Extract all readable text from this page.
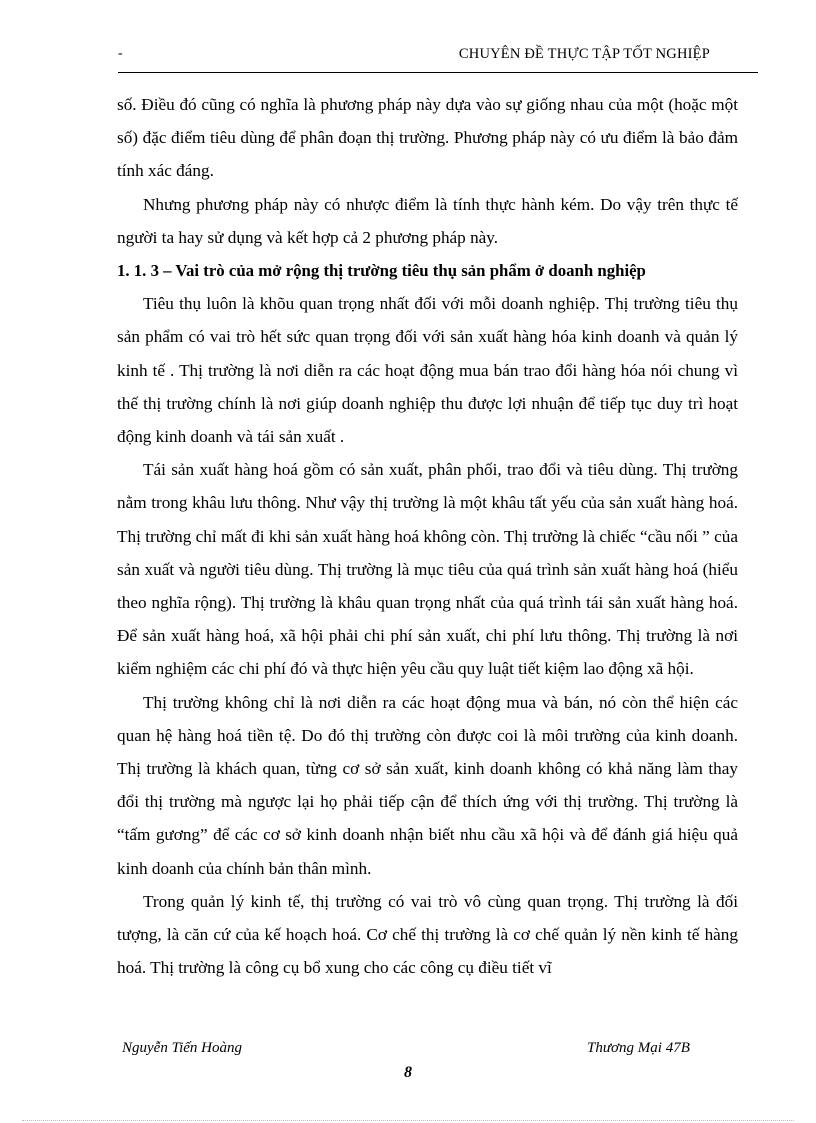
-	CHUYÊN ĐỀ THỰC TẬP TỐT NGHIỆP

số. Điều đó cũng có nghĩa là phương pháp này dựa vào sự giống nhau của một (hoặc một số) đặc điểm tiêu dùng để phân đoạn thị trường. Phương pháp này có ưu điểm là bảo đảm tính xác đáng.

Nhưng phương pháp này có nhược điểm là tính thực hành kém. Do vậy trên thực tế người ta hay sử dụng và kết hợp cả 2 phương pháp này.

1. 1. 3 – Vai trò của mở rộng thị trường tiêu thụ sản phẩm ở doanh nghiệp

Tiêu thụ luôn là khõu quan trọng nhất đối với mỗi doanh nghiệp. Thị trường tiêu thụ sản phẩm có vai trò hết sức quan trọng đối với sản xuất hàng hóa kinh doanh và quản lý kinh tế . Thị trường là nơi diễn ra các hoạt động mua bán trao đổi hàng hóa nói chung vì thế thị trường chính là nơi giúp doanh nghiệp thu được lợi nhuận để tiếp tục duy trì hoạt động kinh doanh và tái sản xuất .

Tái sản xuất hàng hoá gồm có sản xuất, phân phối, trao đổi và tiêu dùng. Thị trường nằm trong khâu lưu thông. Như vậy thị trường là một khâu tất yếu của sản xuất hàng hoá. Thị trường chỉ mất đi khi sản xuất hàng hoá không còn. Thị trường là chiếc “cầu nối ” của sản xuất và người tiêu dùng. Thị trường là mục tiêu của quá trình sản xuất hàng hoá (hiểu theo nghĩa rộng). Thị trường là khâu quan trọng nhất của quá trình tái sản xuất hàng hoá. Để sản xuất hàng hoá, xã hội phải chi phí sản xuất, chi phí lưu thông. Thị trường là nơi kiểm nghiệm các chi phí đó và thực hiện yêu cầu quy luật tiết kiệm lao động xã hội.

Thị trường không chỉ là nơi diễn ra các hoạt động mua và bán, nó còn thể hiện các quan hệ hàng hoá tiền tệ. Do đó thị trường còn được coi là môi trường của kinh doanh. Thị trường là khách quan, từng cơ sở sản xuất, kinh doanh không có khả năng làm thay đổi thị trường mà ngược lại họ phải tiếp cận để thích ứng với thị trường. Thị trường là “tấm gương” để các cơ sở kinh doanh nhận biết nhu cầu xã hội và để đánh giá hiệu quả kinh doanh của chính bản thân mình.

Trong quản lý kinh tế, thị trường có vai trò vô cùng quan trọng. Thị trường là đối tượng, là căn cứ của kế hoạch hoá. Cơ chế thị trường là cơ chế quản lý nền kinh tế hàng hoá. Thị trường là công cụ bổ xung cho các công cụ điều tiết vĩ

Nguyễn Tiến Hoàng	Thương Mại 47B
8
